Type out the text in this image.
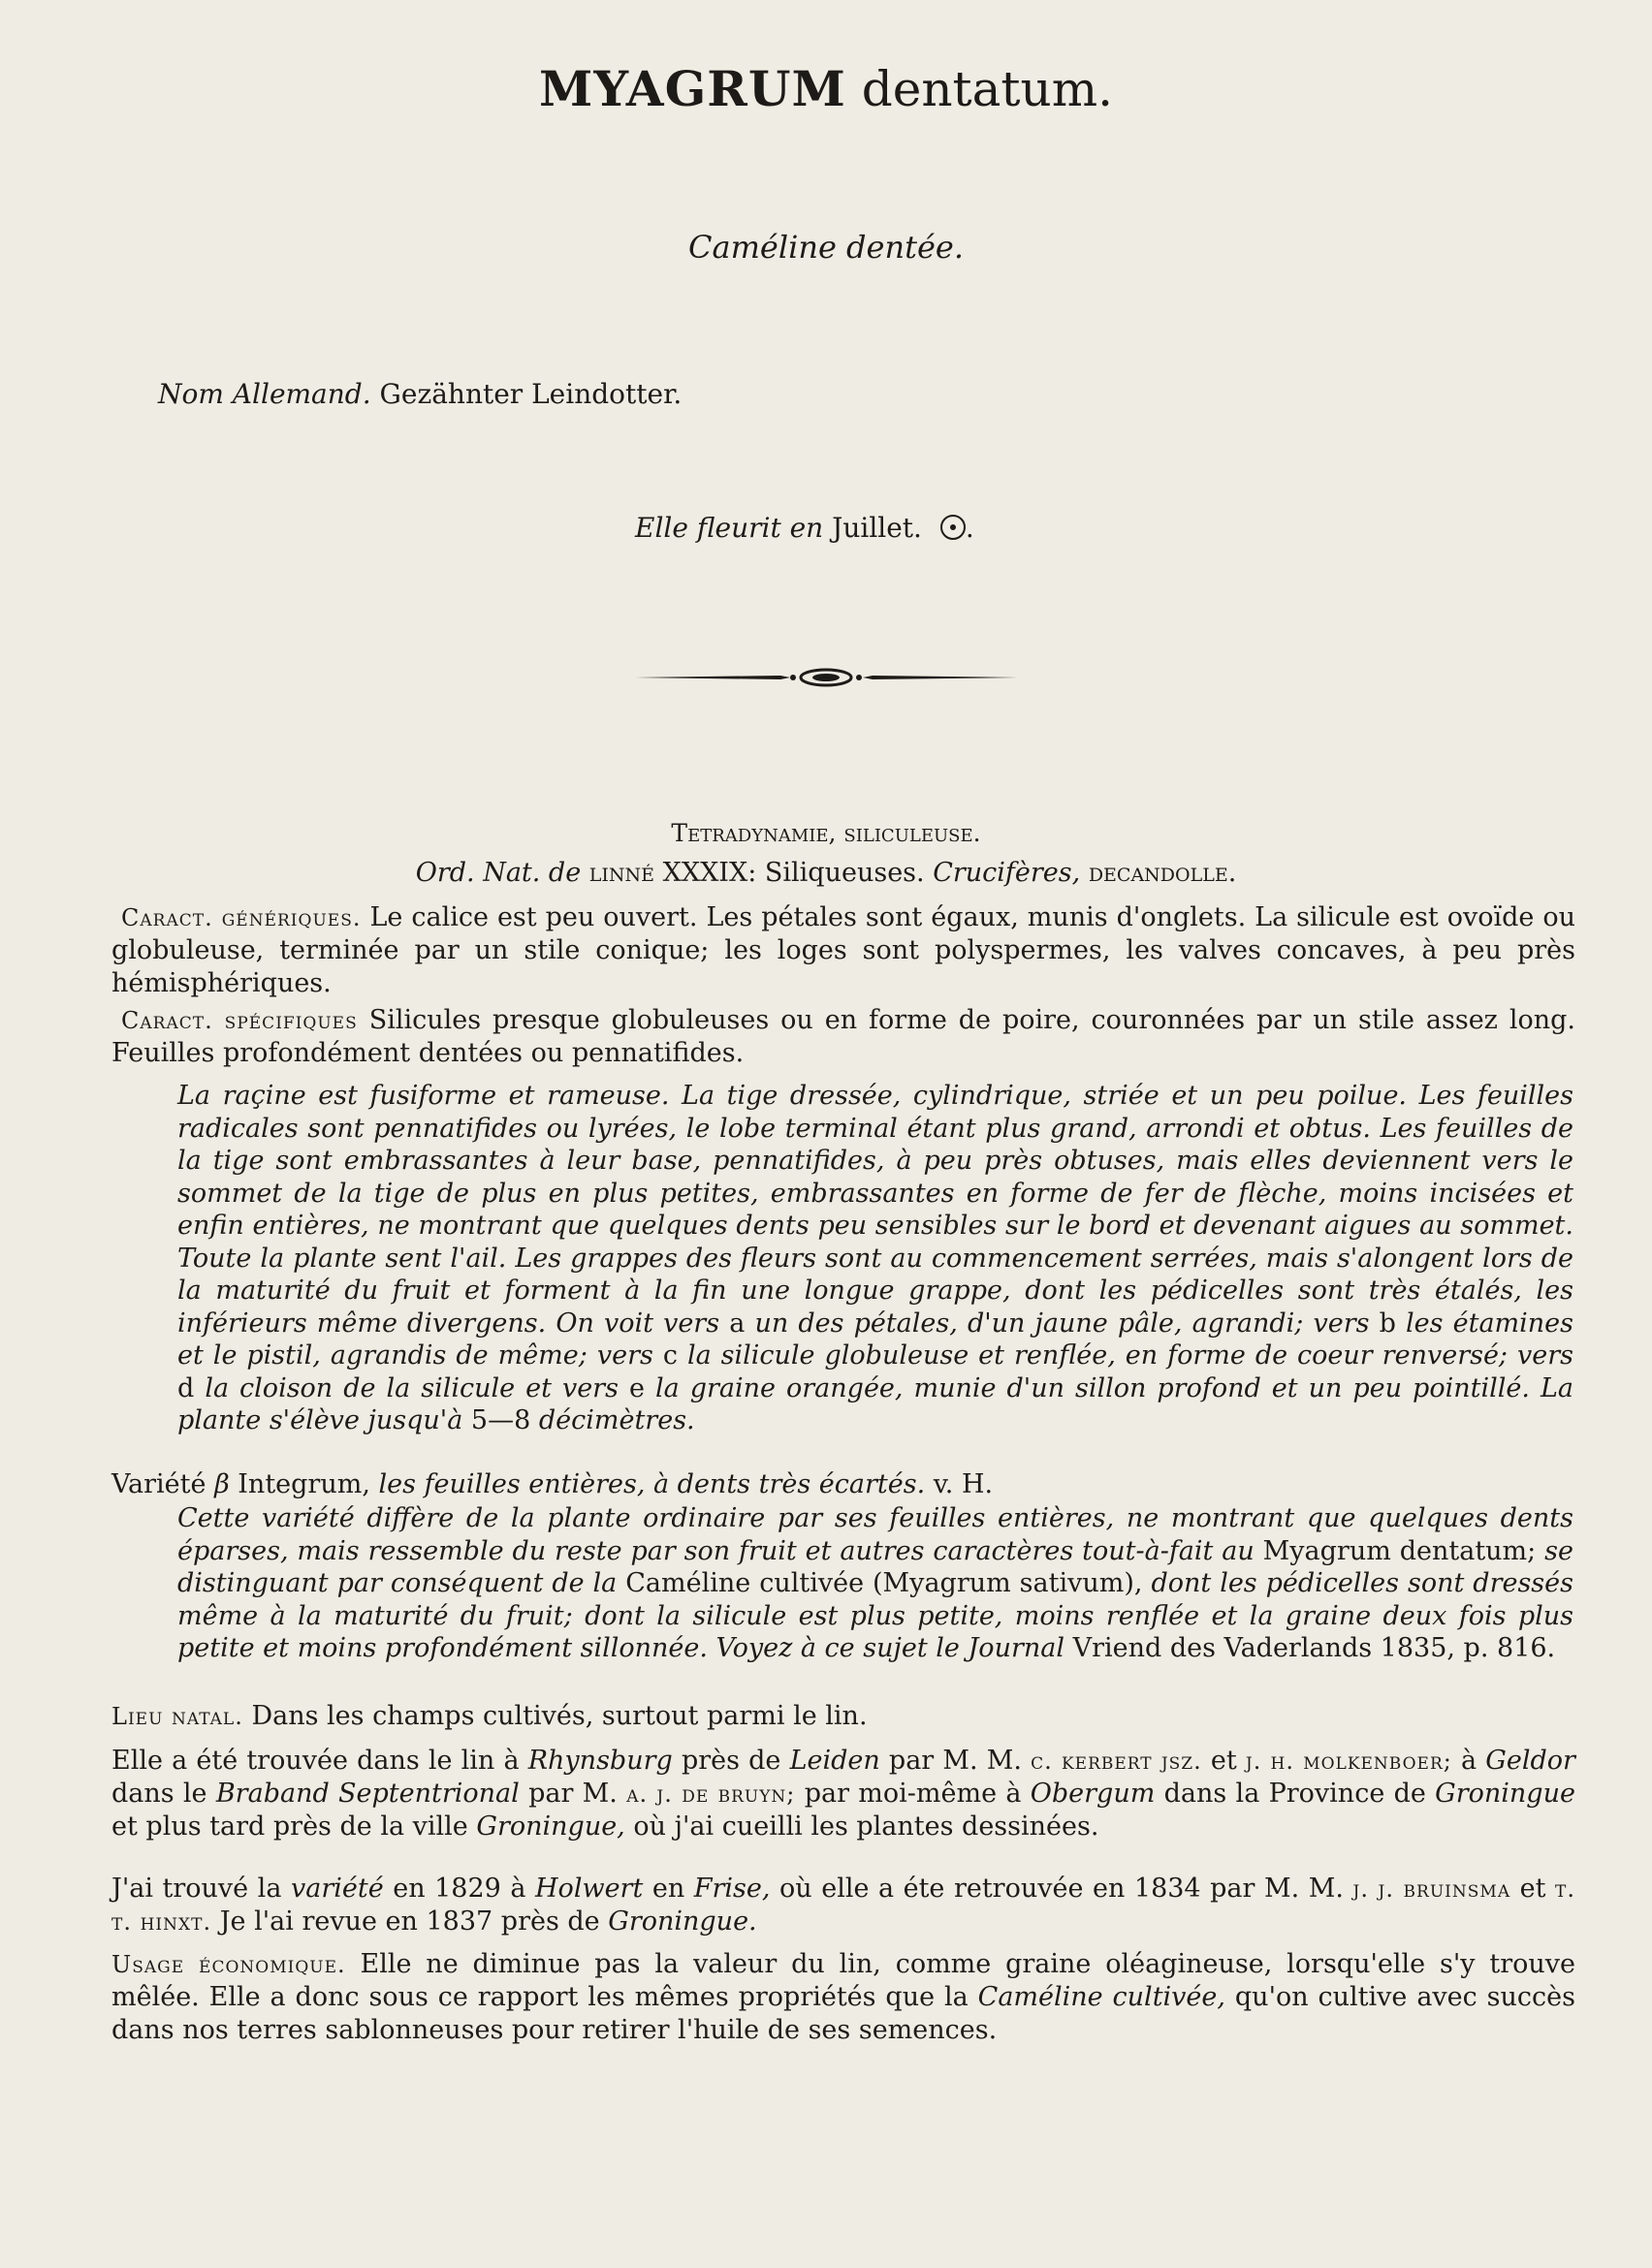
MYAGRUM dentatum.
Caméline dentée.
Nom Allemand. Gezähnter Leindotter.
Elle fleurit en Juillet. .
Tetradynamie, siliculeuse.
Ord. Nat. de linné XXXIX: Siliqueuses. Crucifères, decandolle.
Caract. génériques. Le calice est peu ouvert. Les pétales sont égaux, munis d'onglets. La silicule est ovoïde ou globuleuse, terminée par un stile conique; les loges sont polyspermes, les valves concaves, à peu près hémisphériques.
Caract. spécifiques Silicules presque globuleuses ou en forme de poire, couronnées par un stile assez long. Feuilles profondément dentées ou pennatifides.
La raçine est fusiforme et rameuse. La tige dressée, cylindrique, striée et un peu poilue. Les feuilles radicales sont pennatifides ou lyrées, le lobe terminal étant plus grand, arrondi et obtus. Les feuilles de la tige sont embrassantes à leur base, pennatifides, à peu près obtuses, mais elles deviennent vers le sommet de la tige de plus en plus petites, embrassantes en forme de fer de flèche, moins incisées et enfin entières, ne montrant que quelques dents peu sensibles sur le bord et devenant aigues au sommet. Toute la plante sent l'ail. Les grappes des fleurs sont au commencement serrées, mais s'alongent lors de la maturité du fruit et forment à la fin une longue grappe, dont les pédicelles sont très étalés, les inférieurs même divergens. On voit vers a un des pétales, d'un jaune pâle, agrandi; vers b les étamines et le pistil, agrandis de même; vers c la silicule globuleuse et renflée, en forme de coeur renversé; vers d la cloison de la silicule et vers e la graine orangée, munie d'un sillon profond et un peu pointillé. La plante s'élève jusqu'à 5—8 décimètres.
Variété β Integrum, les feuilles entières, à dents très écartés. v. H.
Cette variété diffère de la plante ordinaire par ses feuilles entières, ne montrant que quelques dents éparses, mais ressemble du reste par son fruit et autres caractères tout-à-fait au Myagrum dentatum; se distinguant par conséquent de la Caméline cultivée (Myagrum sativum), dont les pédicelles sont dressés même à la maturité du fruit; dont la silicule est plus petite, moins renflée et la graine deux fois plus petite et moins profondément sillonnée. Voyez à ce sujet le Journal Vriend des Vaderlands 1835, p. 816.
Lieu natal. Dans les champs cultivés, surtout parmi le lin.
Elle a été trouvée dans le lin à Rhynsburg près de Leiden par M. M. c. kerbert jsz. et j. h. molkenboer; à Geldor dans le Braband Septentrional par M. a. j. de bruyn; par moi-même à Obergum dans la Province de Groningue et plus tard près de la ville Groningue, où j'ai cueilli les plantes dessinées.
J'ai trouvé la variété en 1829 à Holwert en Frise, où elle a éte retrouvée en 1834 par M. M. j. j. bruinsma et t. t. hinxt. Je l'ai revue en 1837 près de Groningue.
Usage économique. Elle ne diminue pas la valeur du lin, comme graine oléagineuse, lorsqu'elle s'y trouve mêlée. Elle a donc sous ce rapport les mêmes propriétés que la Caméline cultivée, qu'on cultive avec succès dans nos terres sablonneuses pour retirer l'huile de ses semences.
